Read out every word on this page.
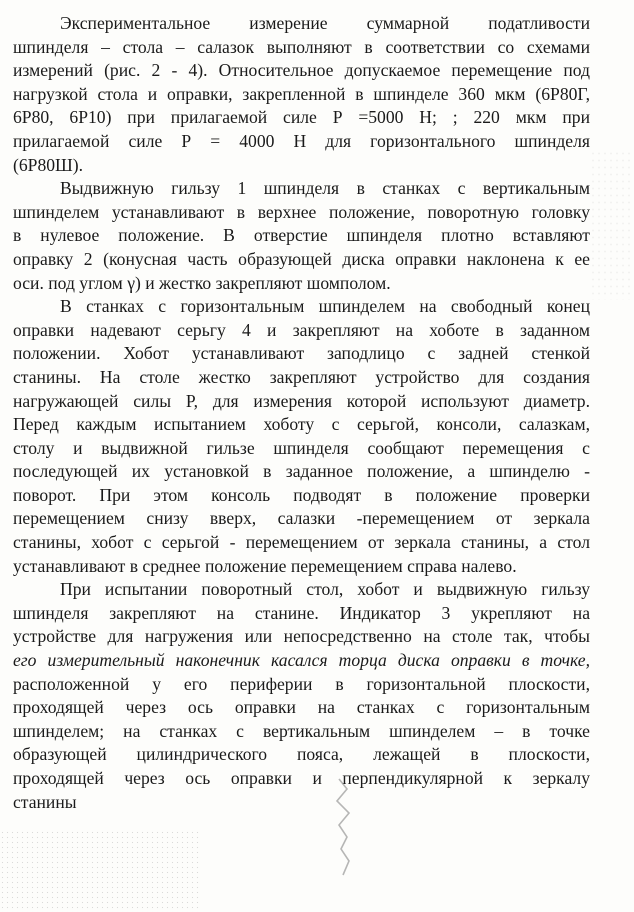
Экспериментальное измерение суммарной податливости
шпинделя – стола – салазок выполняют в соответствии со схемами
измерений (рис. 2 - 4). Относительное допускаемое перемещение под
нагрузкой стола и оправки, закрепленной в шпинделе 360 мкм (6Р80Г,
6Р80, 6Р10) при прилагаемой силе Р =5000 Н; ; 220 мкм при
прилагаемой силе Р = 4000 Н для горизонтального шпинделя
(6Р80Ш).

Выдвижную гильзу 1 шпинделя в станках с вертикальным
шпинделем устанавливают в верхнее положение, поворотную головку
в нулевое положение. В отверстие шпинделя плотно вставляют
оправку 2 (конусная часть образующей диска оправки наклонена к ее
оси. под углом γ) и жестко закрепляют шомполом.

В станках с горизонтальным шпинделем на свободный конец
оправки надевают серьгу 4 и закрепляют на хоботе в заданном
положении. Хобот устанавливают заподлицо с задней стенкой
станины. На столе жестко закрепляют устройство для создания
нагружающей силы P, для измерения которой используют диаметр.
Перед каждым испытанием хоботу с серьгой, консоли, салазкам,
столу и выдвижной гильзе шпинделя сообщают перемещения с
последующей их установкой в заданное положение, а шпинделю -
поворот. При этом консоль подводят в положение проверки
перемещением снизу вверх, салазки -перемещением от зеркала
станины, хобот с серьгой - перемещением от зеркала станины, а стол
устанавливают в среднее положение перемещением справа налево.

При испытании поворотный стол, хобот и выдвижную гильзу
шпинделя закрепляют на станине. Индикатор 3 укрепляют на
устройстве для нагружения или непосредственно на столе так, чтобы
его измерительный наконечник касался торца диска оправки в точке,
расположенной у его периферии в горизонтальной плоскости,
проходящей через ось оправки на станках с горизонтальным
шпинделем; на станках с вертикальным шпинделем – в точке
образующей цилиндрического пояса, лежащей в плоскости,
проходящей через ось оправки и перпендикулярной к зеркалу
станины
